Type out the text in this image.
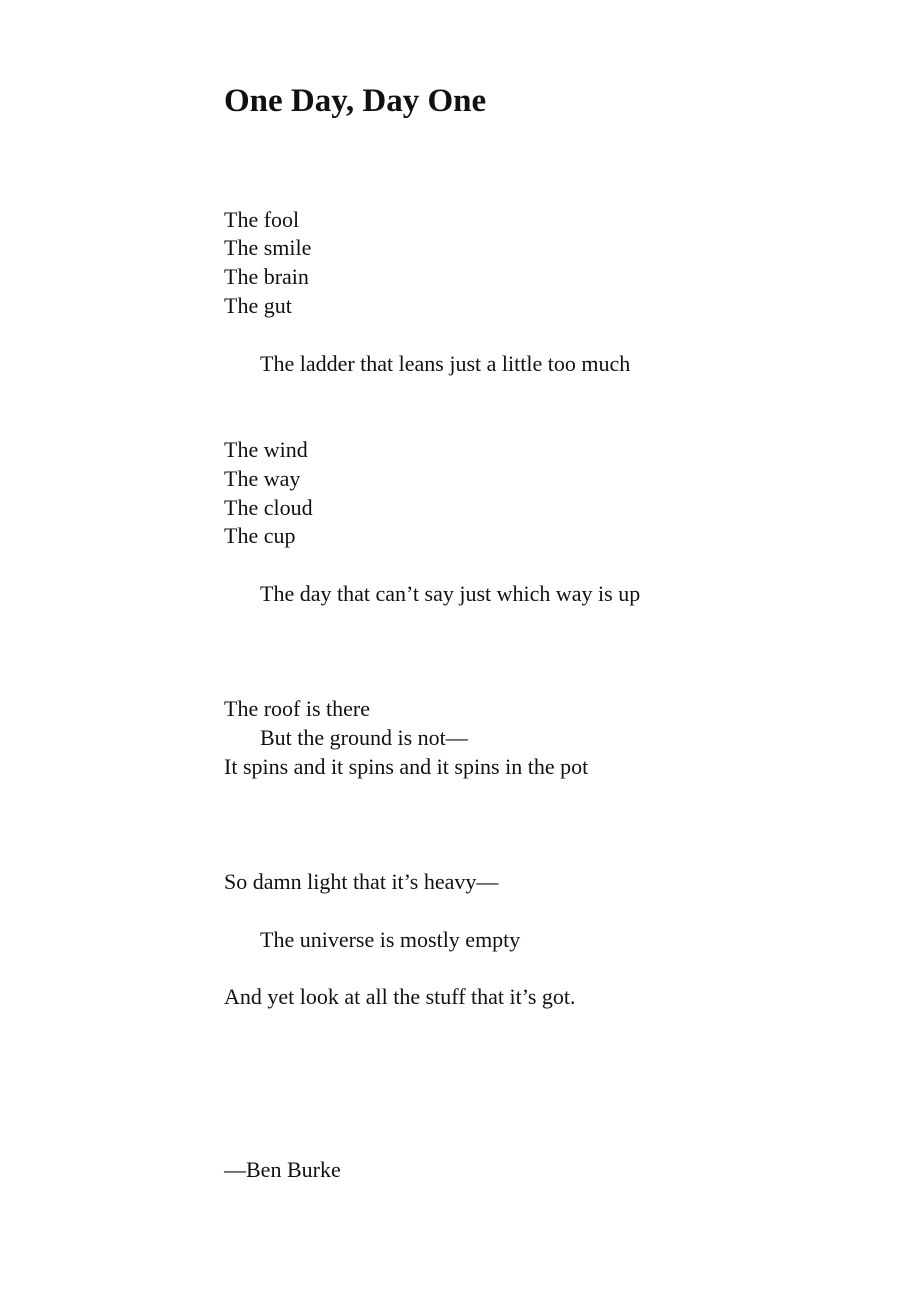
One Day, Day One
The fool
The smile
The brain
The gut
The ladder that leans just a little too much
The wind
The way
The cloud
The cup
The day that can’t say just which way is up
The roof is there
But the ground is not—
It spins and it spins and it spins in the pot
So damn light that it’s heavy—
The universe is mostly empty
And yet look at all the stuff that it’s got.
—Ben Burke
